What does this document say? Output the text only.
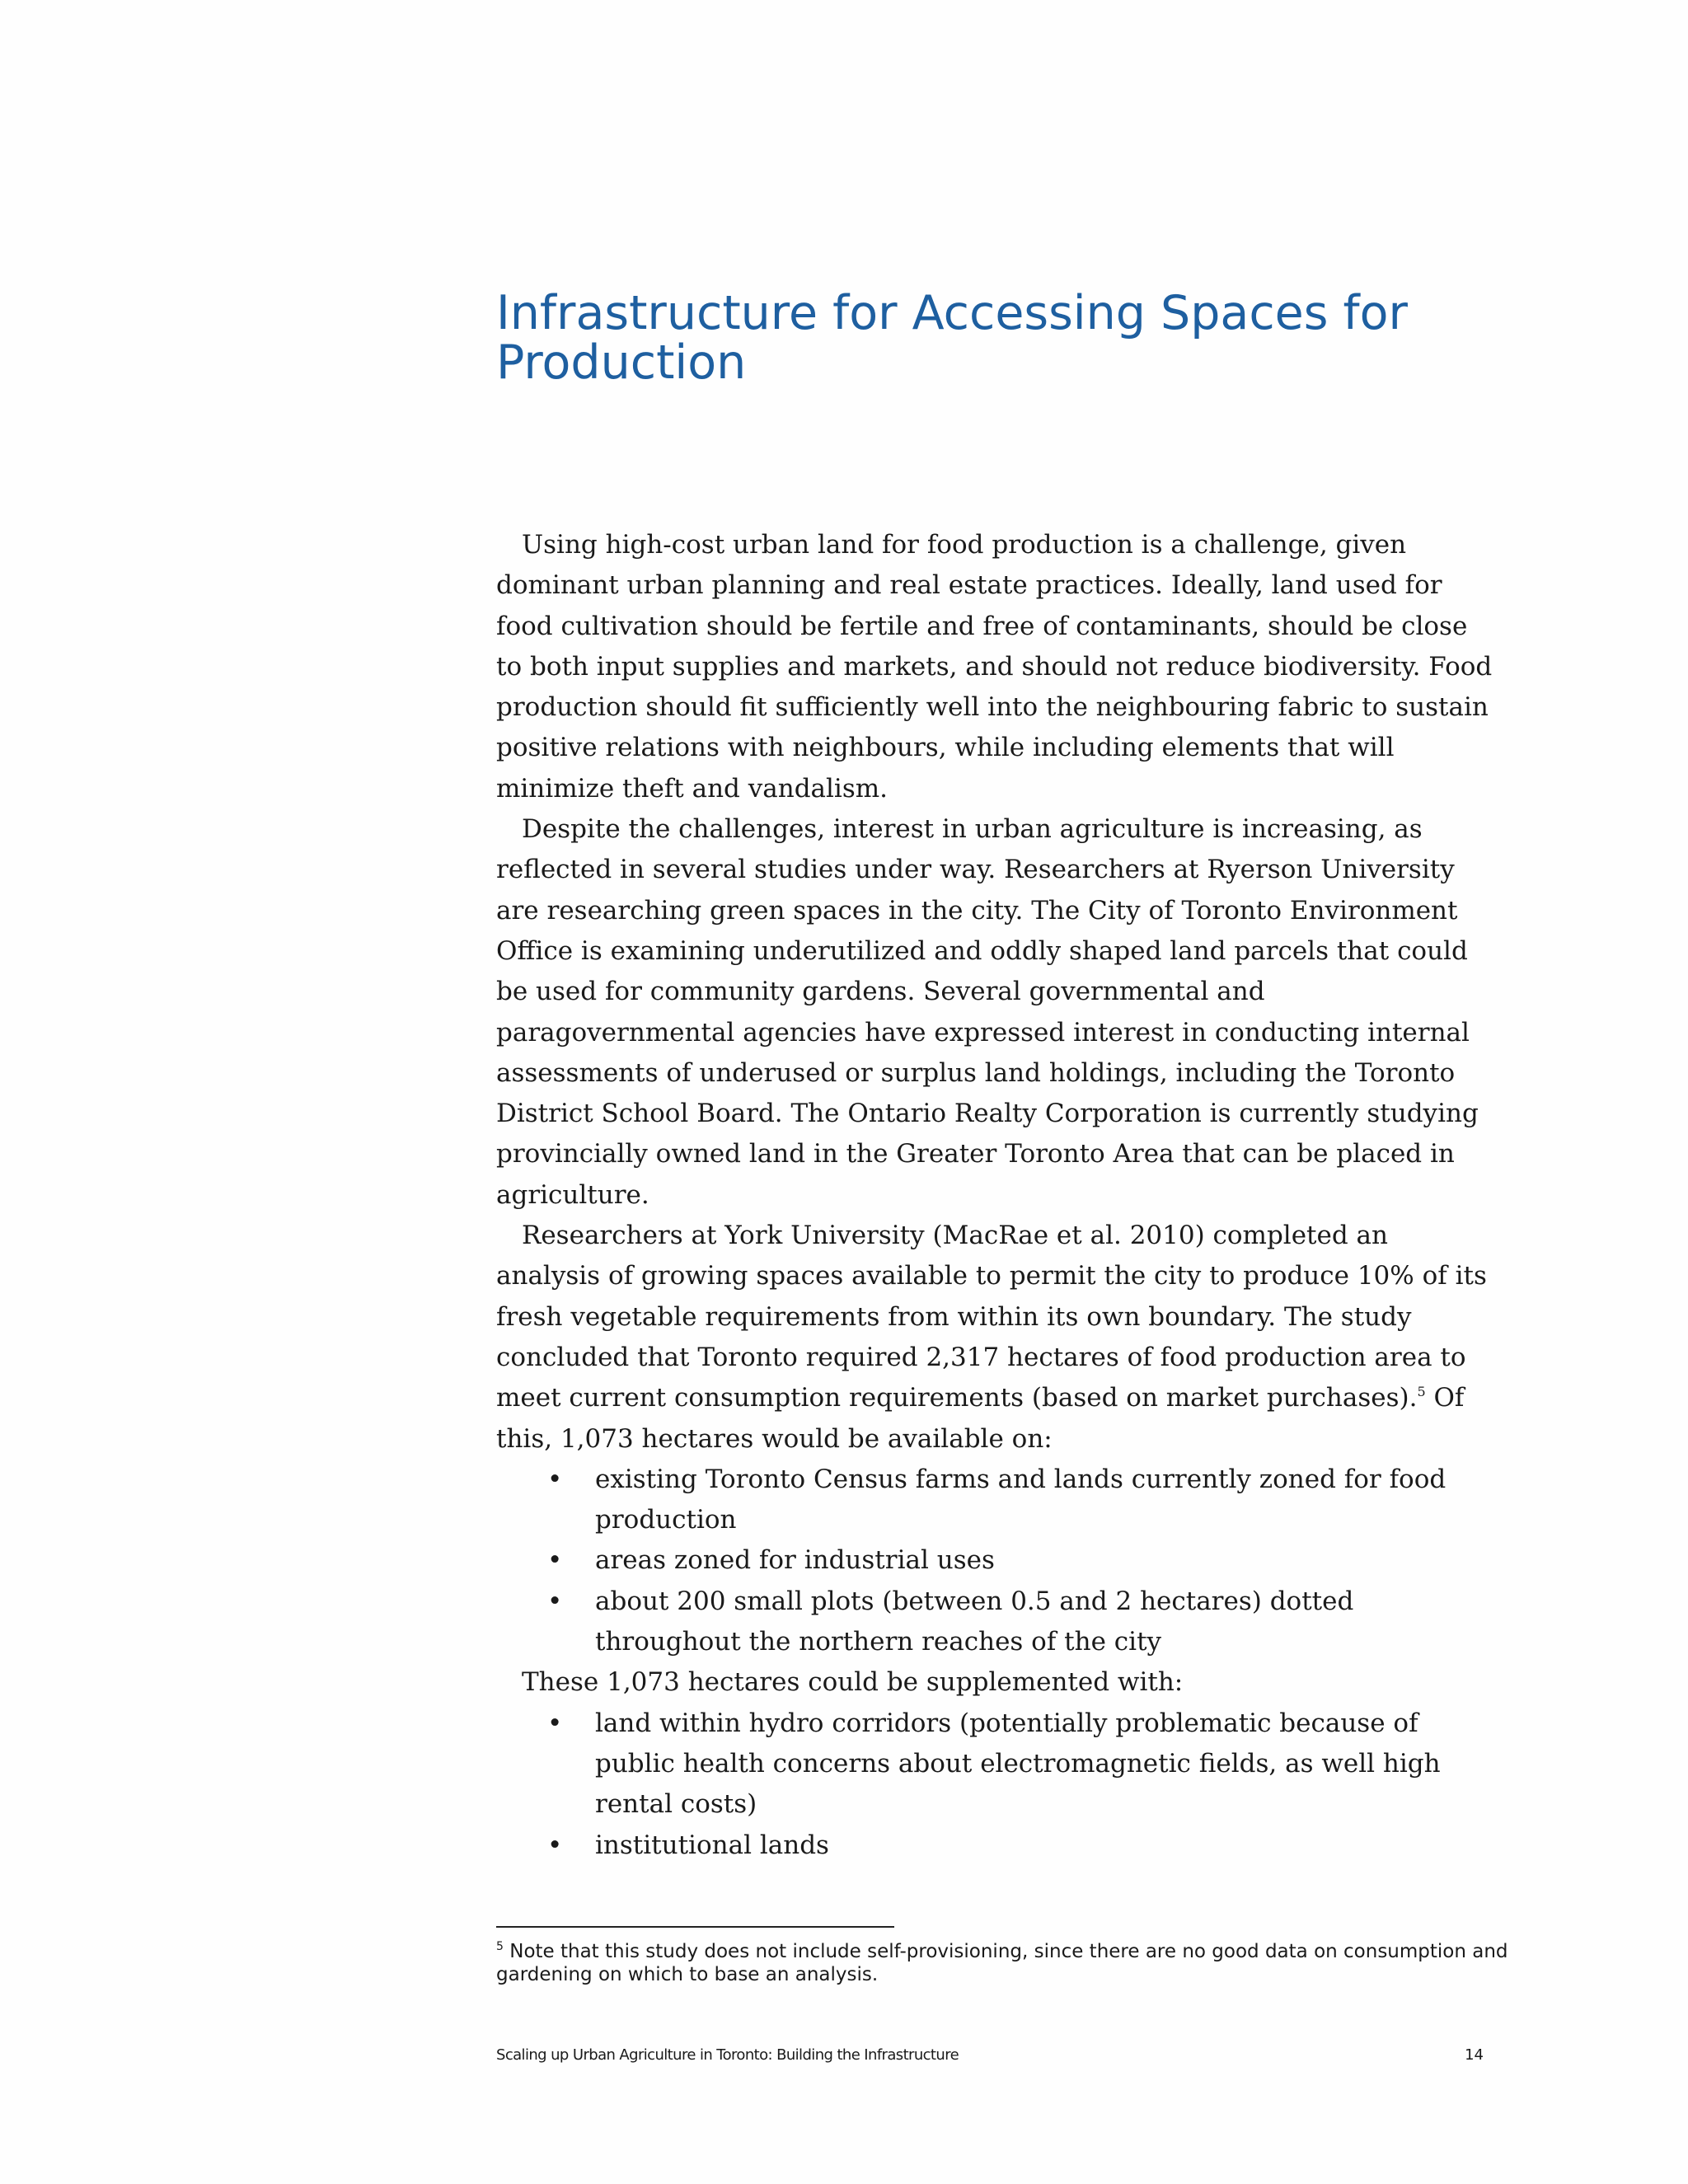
Infrastructure for Accessing Spaces for
Production

Using high-cost urban land for food production is a challenge, given dominant urban planning and real estate practices. Ideally, land used for food cultivation should be fertile and free of contaminants, should be close to both input supplies and markets, and should not reduce biodiversity. Food production should fit sufficiently well into the neighbouring fabric to sustain positive relations with neighbours, while including elements that will minimize theft and vandalism.

Despite the challenges, interest in urban agriculture is increasing, as reflected in several studies under way. Researchers at Ryerson University are researching green spaces in the city. The City of Toronto Environment Office is examining underutilized and oddly shaped land parcels that could be used for community gardens. Several governmental and paragovernmental agencies have expressed interest in conducting internal assessments of underused or surplus land holdings, including the Toronto District School Board. The Ontario Realty Corporation is currently studying provincially owned land in the Greater Toronto Area that can be placed in agriculture.

Researchers at York University (MacRae et al. 2010) completed an analysis of growing spaces available to permit the city to produce 10% of its fresh vegetable requirements from within its own boundary. The study concluded that Toronto required 2,317 hectares of food production area to meet current consumption requirements (based on market purchases).$^5$ Of this, 1,073 hectares would be available on:

• existing Toronto Census farms and lands currently zoned for food production
• areas zoned for industrial uses
• about 200 small plots (between 0.5 and 2 hectares) dotted throughout the northern reaches of the city

These 1,073 hectares could be supplemented with:

• land within hydro corridors (potentially problematic because of public health concerns about electromagnetic fields, as well high rental costs)
• institutional lands
$^5$ Note that this study does not include self-provisioning, since there are no good data on consumption and gardening on which to base an analysis.
Scaling up Urban Agriculture in Toronto: Building the Infrastructure	14
